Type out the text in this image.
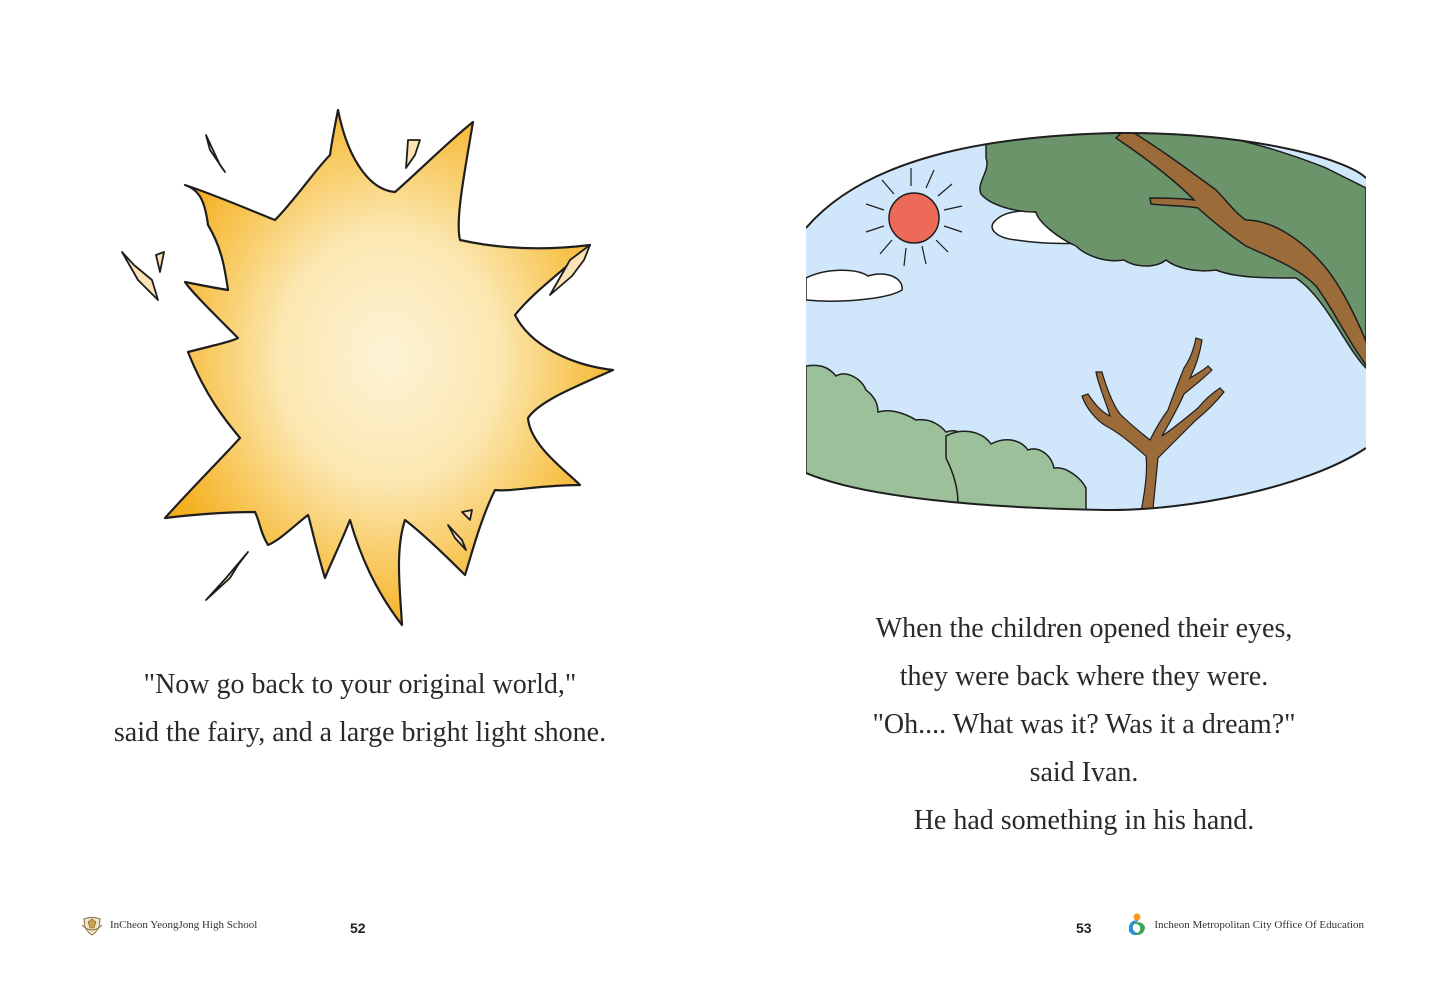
"Now go back to your original world,"
said the fairy, and a large bright light shone.
InCheon YeongJong High School	52
When the children opened their eyes,
they were back where they were.
"Oh.... What was it? Was it a dream?"
said Ivan.
He had something in his hand.
53	Incheon Metropolitan City Office Of Education
